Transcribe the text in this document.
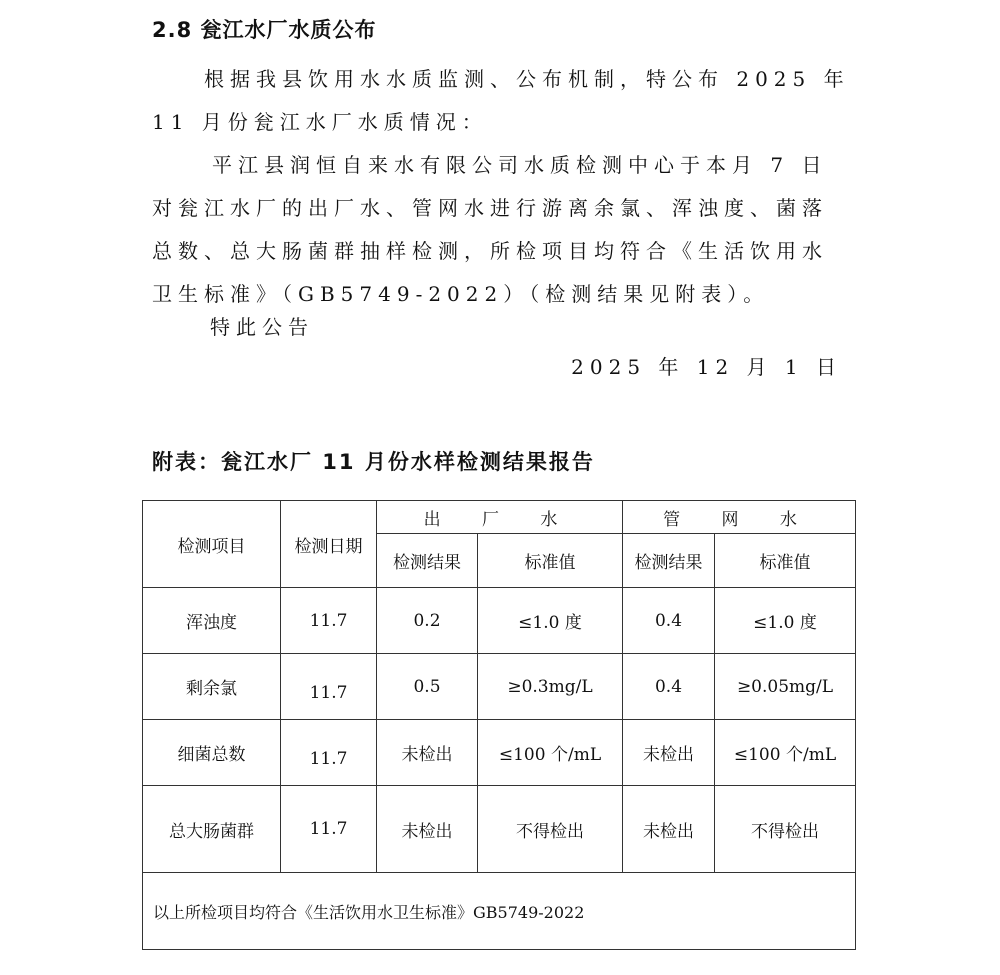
2.8 瓮江水厂水质公布

根据我县饮用水水质监测、公布机制，特公布 2025 年 11 月份瓮江水厂水质情况：

平江县润恒自来水有限公司水质检测中心于本月 7 日对瓮江水厂的出厂水、管网水进行游离余氯、浑浊度、菌落总数、总大肠菌群抽样检测，所检项目均符合《生活饮用水卫生标准》（GB5749-2022）（检测结果见附表）。

特此公告

2025 年 12 月 1 日
附表：瓮江水厂 11 月份水样检测结果报告
检测项目	检测日期	出 厂 水		管 网 水	
		检测结果	标准值	检测结果	标准值
浑浊度	11.7	0.2	≤1.0 度	0.4	≤1.0 度
剩余氯	11.7	0.5	≥0.3mg/L	0.4	≥0.05mg/L
细菌总数	11.7	未检出	≤100 个/mL	未检出	≤100 个/mL
总大肠菌群	11.7	未检出	不得检出	未检出	不得检出
以上所检项目均符合《生活饮用水卫生标准》GB5749-2022					
